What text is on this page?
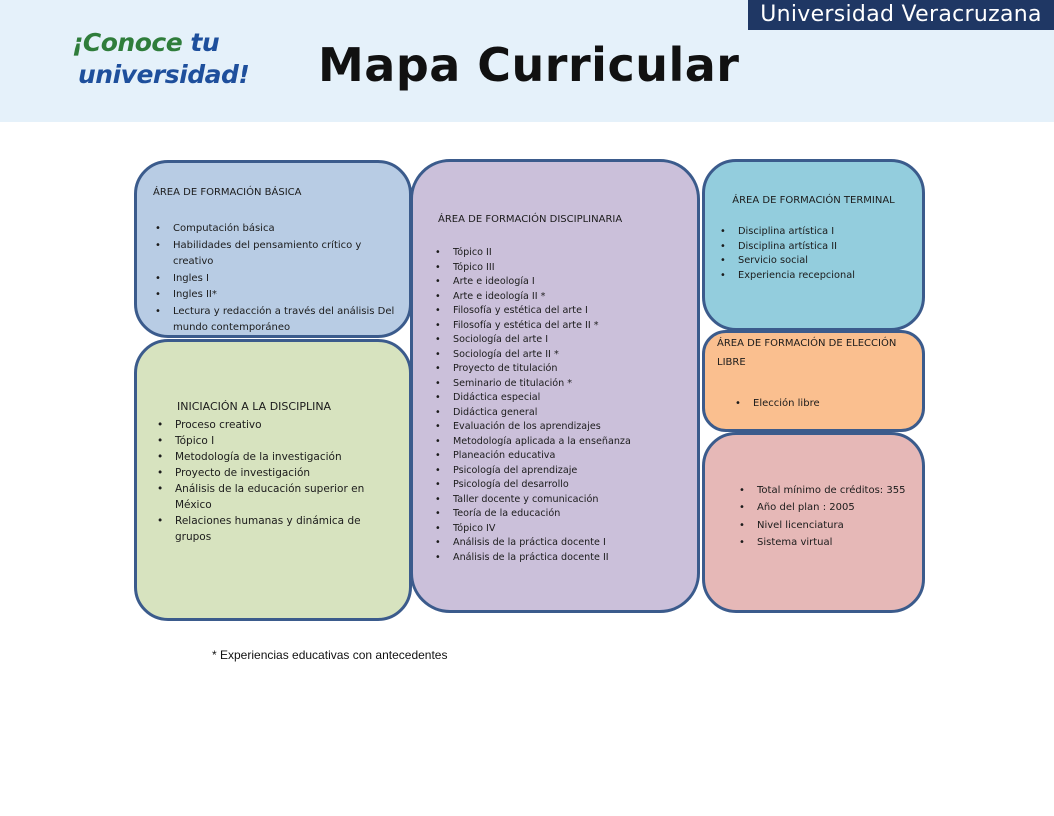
Universidad Veracruzana
¡Conoce tu
universidad! Mapa Curricular
ÁREA DE FORMACIÓN BÁSICA
• Computación básica
• Habilidades del pensamiento crítico y creativo
• Ingles I
• Ingles II*
• Lectura y redacción a través del análisis Del mundo contemporáneo
INICIACIÓN A LA DISCIPLINA
• Proceso creativo
• Tópico I
• Metodología de la investigación
• Proyecto de investigación
• Análisis de la educación superior en México
• Relaciones humanas y dinámica de grupos
ÁREA DE FORMACIÓN DISCIPLINARIA
• Tópico II
• Tópico III
• Arte e ideología I
• Arte e ideología II *
• Filosofía y estética del arte I
• Filosofía y estética del arte II *
• Sociología del arte I
• Sociología del arte II *
• Proyecto de titulación
• Seminario de titulación *
• Didáctica especial
• Didáctica general
• Evaluación de los aprendizajes
• Metodología aplicada a la enseñanza
• Planeación educativa
• Psicología del aprendizaje
• Psicología del desarrollo
• Taller docente y comunicación
• Teoría de la educación
• Tópico IV
• Análisis de la práctica docente I
• Análisis de la práctica docente II
ÁREA DE FORMACIÓN TERMINAL
• Disciplina artística I
• Disciplina artística II
• Servicio social
• Experiencia recepcional
ÁREA DE FORMACIÓN DE ELECCIÓN LIBRE
• Elección libre
• Total mínimo de créditos: 355
• Año del plan : 2005
• Nivel licenciatura
• Sistema virtual
* Experiencias educativas con antecedentes
